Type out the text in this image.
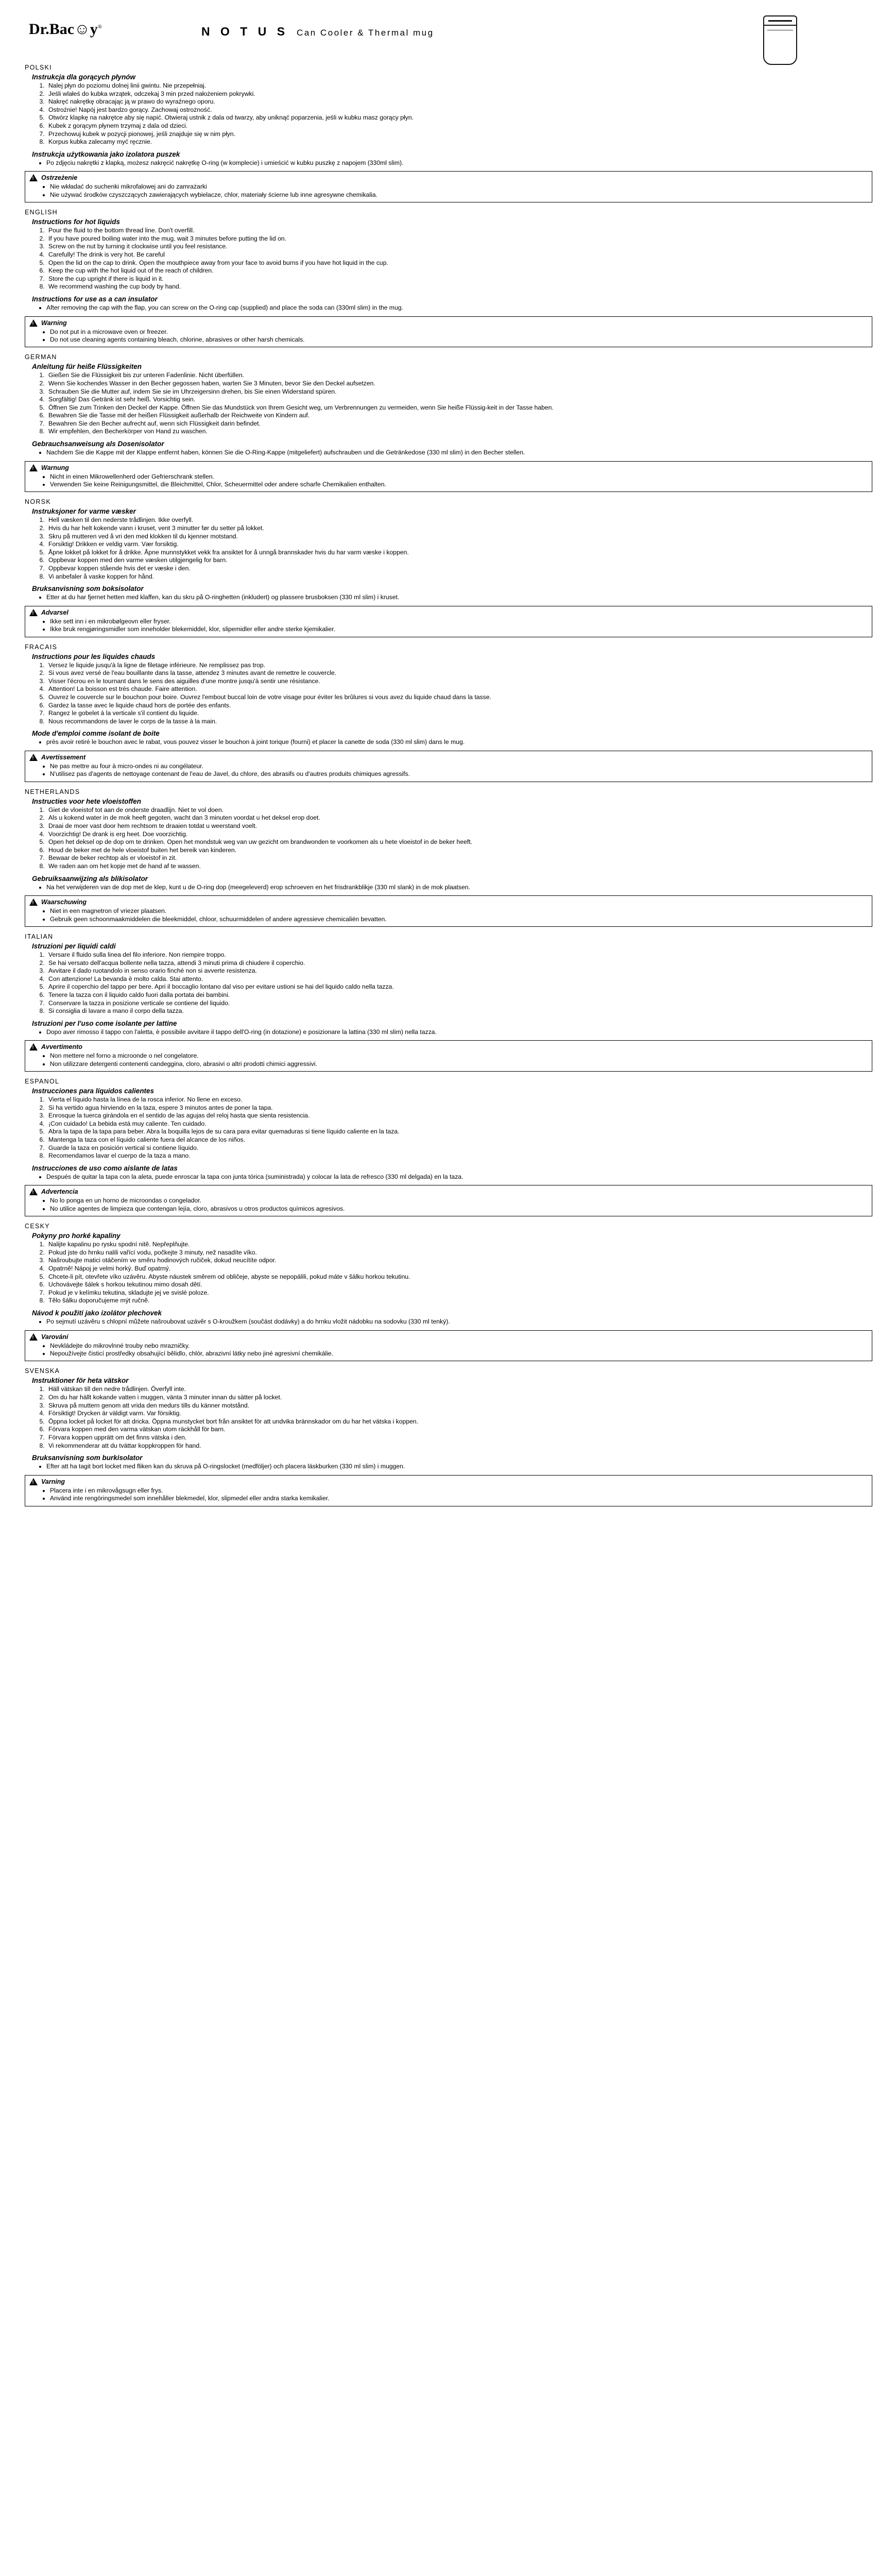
Dr.Bac☺y®	N O T U S Can Cooler & Thermal mug
POLSKI
Instrukcja dla gorących płynów
1. Nalej płyn do poziomu dolnej linii gwintu. Nie przepełniaj.
2. Jeśli wlałeś do kubka wrzątek, odczekaj 3 min przed nałożeniem pokrywki.
3. Nakręć nakrętkę obracając ją w prawo do wyraźnego oporu.
4. Ostrożnie! Napój jest bardzo gorący. Zachowaj ostrożność.
5. Otwórz klapkę na nakrętce aby się napić. Otwieraj ustnik z dala od twarzy, aby uniknąć poparzenia, jeśli w kubku masz gorący płyn.
6. Kubek z gorącym płynem trzymaj z dala od dzieci.
7. Przechowuj kubek w pozycji pionowej, jeśli znajduje się w nim płyn.
8. Korpus kubka zalecamy myć ręcznie.
Instrukcja użytkowania jako izolatora puszek
• Po zdjęciu nakrętki z klapką, możesz nakręcić nakrętkę O-ring (w komplecie) i umieścić w kubku puszkę z napojem (330ml slim).
!
Ostrzeżenie
• Nie wkładać do suchenki mikrofalowej ani do zamrażarki
• Nie używać środków czyszczących zawierających wybielacze, chlor, materiały ścierne lub inne agresywne chemikalia.
ENGLISH
Instructions for hot liquids
1. Pour the fluid to the bottom thread line. Don't overfill.
2. If you have poured boiling water into the mug, wait 3 minutes before putting the lid on.
3. Screw on the nut by turning it clockwise until you feel resistance.
4. Carefully! The drink is very hot. Be careful
5. Open the lid on the cap to drink. Open the mouthpiece away from your face to avoid burns if you have hot liquid in the cup.
6. Keep the cup with the hot liquid out of the reach of children.
7. Store the cup upright if there is liquid in it.
8. We recommend washing the cup body by hand.
Instructions for use as a can insulator
• After removing the cap with the flap, you can screw on the O-ring cap (supplied) and place the soda can (330ml slim) in the mug.
!
Warning
• Do not put in a microwave oven or freezer.
• Do not use cleaning agents containing bleach, chlorine, abrasives or other harsh chemicals.
GERMAN
Anleitung für heiße Flüssigkeiten
1. Gießen Sie die Flüssigkeit bis zur unteren Fadenlinie. Nicht überfüllen.
2. Wenn Sie kochendes Wasser in den Becher gegossen haben, warten Sie 3 Minuten, bevor Sie den Deckel aufsetzen.
3. Schrauben Sie die Mutter auf, indem Sie sie im Uhrzeigersinn drehen, bis Sie einen Widerstand spüren.
4. Sorgfältig! Das Getränk ist sehr heiß. Vorsichtig sein.
5. Öffnen Sie zum Trinken den Deckel der Kappe. Öffnen Sie das Mundstück von Ihrem Gesicht weg, um Verbrennungen zu vermeiden, wenn Sie heiße Flüssig-keit in der Tasse haben.
6. Bewahren Sie die Tasse mit der heißen Flüssigkeit außerhalb der Reichweite von Kindern auf.
7. Bewahren Sie den Becher aufrecht auf, wenn sich Flüssigkeit darin befindet.
8. Wir empfehlen, den Becherkörper von Hand zu waschen.
Gebrauchsanweisung als Dosenisolator
• Nachdem Sie die Kappe mit der Klappe entfernt haben, können Sie die O-Ring-Kappe (mitgeliefert) aufschrauben und die Getränkedose (330 ml slim) in den Becher stellen.
!
Warnung
• Nicht in einen Mikrowellenherd oder Gefrierschrank stellen.
• Verwenden Sie keine Reinigungsmittel, die Bleichmittel, Chlor, Scheuermittel oder andere scharfe Chemikalien enthalten.
NORSK
Instruksjoner for varme væsker
1. Hell væsken til den nederste trådlinjen. Ikke overfyll.
2. Hvis du har helt kokende vann i kruset, vent 3 minutter før du setter på lokket.
3. Skru på mutteren ved å vri den med klokken til du kjenner motstand.
4. Forsiktig! Drikken er veldig varm. Vær forsiktig.
5. Åpne lokket på lokket for å drikke. Åpne munnstykket vekk fra ansiktet for å unngå brannskader hvis du har varm væske i koppen.
6. Oppbevar koppen med den varme væsken utilgjengelig for barn.
7. Oppbevar koppen stående hvis det er væske i den.
8. Vi anbefaler å vaske koppen for hånd.
Bruksanvisning som boksisolator
• Etter at du har fjernet hetten med klaffen, kan du skru på O-ringhetten (inkludert) og plassere brusboksen (330 ml slim) i kruset.
!
Advarsel
• Ikke sett inn i en mikrobølgeovn eller fryser.
• Ikke bruk rengjøringsmidler som inneholder blekemiddel, klor, slipemidler eller andre sterke kjemikalier.
FRACAIS
Instructions pour les liquides chauds
1. Versez le liquide jusqu'à la ligne de filetage inférieure. Ne remplissez pas trop.
2. Si vous avez versé de l'eau bouillante dans la tasse, attendez 3 minutes avant de remettre le couvercle.
3. Visser l'écrou en le tournant dans le sens des aiguilles d'une montre jusqu'à sentir une résistance.
4. Attention! La boisson est très chaude. Faire attention.
5. Ouvrez le couvercle sur le bouchon pour boire. Ouvrez l'embout buccal loin de votre visage pour éviter les brûlures si vous avez du liquide chaud dans la tasse.
6. Gardez la tasse avec le liquide chaud hors de portée des enfants.
7. Rangez le gobelet à la verticale s'il contient du liquide.
8. Nous recommandons de laver le corps de la tasse à la main.
Mode d'emploi comme isolant de boite
• près avoir retiré le bouchon avec le rabat, vous pouvez visser le bouchon à joint torique (fourni) et placer la canette de soda (330 ml slim) dans le mug.
!
Avertissement
• Ne pas mettre au four à micro-ondes ni au congélateur.
• N'utilisez pas d'agents de nettoyage contenant de l'eau de Javel, du chlore, des abrasifs ou d'autres produits chimiques agressifs.
NETHERLANDS
Instructies voor hete vloeistoffen
1. Giet de vloeistof tot aan de onderste draadlijn. Niet te vol doen.
2. Als u kokend water in de mok heeft gegoten, wacht dan 3 minuten voordat u het deksel erop doet.
3. Draai de moer vast door hem rechtsom te draaien totdat u weerstand voelt.
4. Voorzichtig! De drank is erg heet. Doe voorzichtig.
5. Open het deksel op de dop om te drinken. Open het mondstuk weg van uw gezicht om brandwonden te voorkomen als u hete vloeistof in de beker heeft.
6. Houd de beker met de hele vloeistof buiten het bereik van kinderen.
7. Bewaar de beker rechtop als er vloeistof in zit.
8. We raden aan om het kopje met de hand af te wassen.
Gebruiksaanwijzing als blikisolator
• Na het verwijderen van de dop met de klep, kunt u de O-ring dop (meegeleverd) erop schroeven en het frisdrankblikje (330 ml slank) in de mok plaatsen.
!
Waarschuwing
• Niet in een magnetron of vriezer plaatsen.
• Gebruik geen schoonmaakmiddelen die bleekmiddel, chloor, schuurmiddelen of andere agressieve chemicaliën bevatten.
ITALIAN
Istruzioni per liquidi caldi
1. Versare il fluido sulla linea del filo inferiore. Non riempire troppo.
2. Se hai versato dell'acqua bollente nella tazza, attendi 3 minuti prima di chiudere il coperchio.
3. Avvitare il dado ruotandolo in senso orario finché non si avverte resistenza.
4. Con attenzione! La bevanda è molto calda. Stai attento.
5. Aprire il coperchio del tappo per bere. Apri il boccaglio lontano dal viso per evitare ustioni se hai del liquido caldo nella tazza.
6. Tenere la tazza con il liquido caldo fuori dalla portata dei bambini.
7. Conservare la tazza in posizione verticale se contiene del liquido.
8. Si consiglia di lavare a mano il corpo della tazza.
Istruzioni per l'uso come isolante per lattine
• Dopo aver rimosso il tappo con l'aletta, è possibile avvitare il tappo dell'O-ring (in dotazione) e posizionare la lattina (330 ml slim) nella tazza.
!
Avvertimento
• Non mettere nel forno a microonde o nel congelatore.
• Non utilizzare detergenti contenenti candeggina, cloro, abrasivi o altri prodotti chimici aggressivi.
ESPANOL
Instrucciones para líquidos calientes
1. Vierta el líquido hasta la línea de la rosca inferior. No llene en exceso.
2. Si ha vertido agua hirviendo en la taza, espere 3 minutos antes de poner la tapa.
3. Enrosque la tuerca girándola en el sentido de las agujas del reloj hasta que sienta resistencia.
4. ¡Con cuidado! La bebida está muy caliente. Ten cuidado.
5. Abra la tapa de la tapa para beber. Abra la boquilla lejos de su cara para evitar quemaduras si tiene líquido caliente en la taza.
6. Mantenga la taza con el líquido caliente fuera del alcance de los niños.
7. Guarde la taza en posición vertical si contiene líquido.
8. Recomendamos lavar el cuerpo de la taza a mano.
Instrucciones de uso como aislante de latas
• Después de quitar la tapa con la aleta, puede enroscar la tapa con junta tórica (suministrada) y colocar la lata de refresco (330 ml delgada) en la taza.
!
Advertencia
• No lo ponga en un horno de microondas o congelador.
• No utilice agentes de limpieza que contengan lejía, cloro, abrasivos u otros productos químicos agresivos.
CESKY
Pokyny pro horké kapaliny
1. Nalijte kapalinu po rysku spodní nitě. Nepřeplňujte.
2. Pokud jste do hrnku nalili vařící vodu, počkejte 3 minuty, než nasadíte víko.
3. Našroubujte matici otáčením ve směru hodinových ručiček, dokud neucítíte odpor.
4. Opatrně! Nápoj je velmi horký. Buď opatrný.
5. Chcete-li pít, otevřete víko uzávěru. Abyste náustek směrem od obličeje, abyste se nepopálili, pokud máte v šálku horkou tekutinu.
6. Uchovávejte šálek s horkou tekutinou mimo dosah dětí.
7. Pokud je v kelímku tekutina, skladujte jej ve svislé poloze.
8. Tělo šálku doporučujeme mýt ručně.
Návod k použití jako izolátor plechovek
• Po sejmutí uzávěru s chlopní můžete našroubovat uzávěr s O-kroužkem (součást dodávky) a do hrnku vložit nádobku na sodovku (330 ml tenký).
!
Varování
• Nevkládejte do mikrovlnné trouby nebo mrazničky.
• Nepoužívejte čisticí prostředky obsahující bělidlo, chlór, abrazivní látky nebo jiné agresivní chemikálie.
SVENSKA
Instruktioner för heta vätskor
1. Häll vätskan till den nedre trådlinjen. Överfyll inte.
2. Om du har hällt kokande vatten i muggen, vänta 3 minuter innan du sätter på locket.
3. Skruva på muttern genom att vrida den medurs tills du känner motstånd.
4. Försiktigt! Drycken är väldigt varm. Var försiktig.
5. Öppna locket på locket för att dricka. Öppna munstycket bort från ansiktet för att undvika brännskador om du har het vätska i koppen.
6. Förvara koppen med den varma vätskan utom räckhåll för barn.
7. Förvara koppen upprätt om det finns vätska i den.
8. Vi rekommenderar att du tvättar koppkroppen för hand.
Bruksanvisning som burkisolator
• Efter att ha tagit bort locket med fliken kan du skruva på O-ringslocket (medföljer) och placera läskburken (330 ml slim) i muggen.
!
Varning
• Placera inte i en mikrovågsugn eller frys.
• Använd inte rengöringsmedel som innehåller blekmedel, klor, slipmedel eller andra starka kemikalier.
